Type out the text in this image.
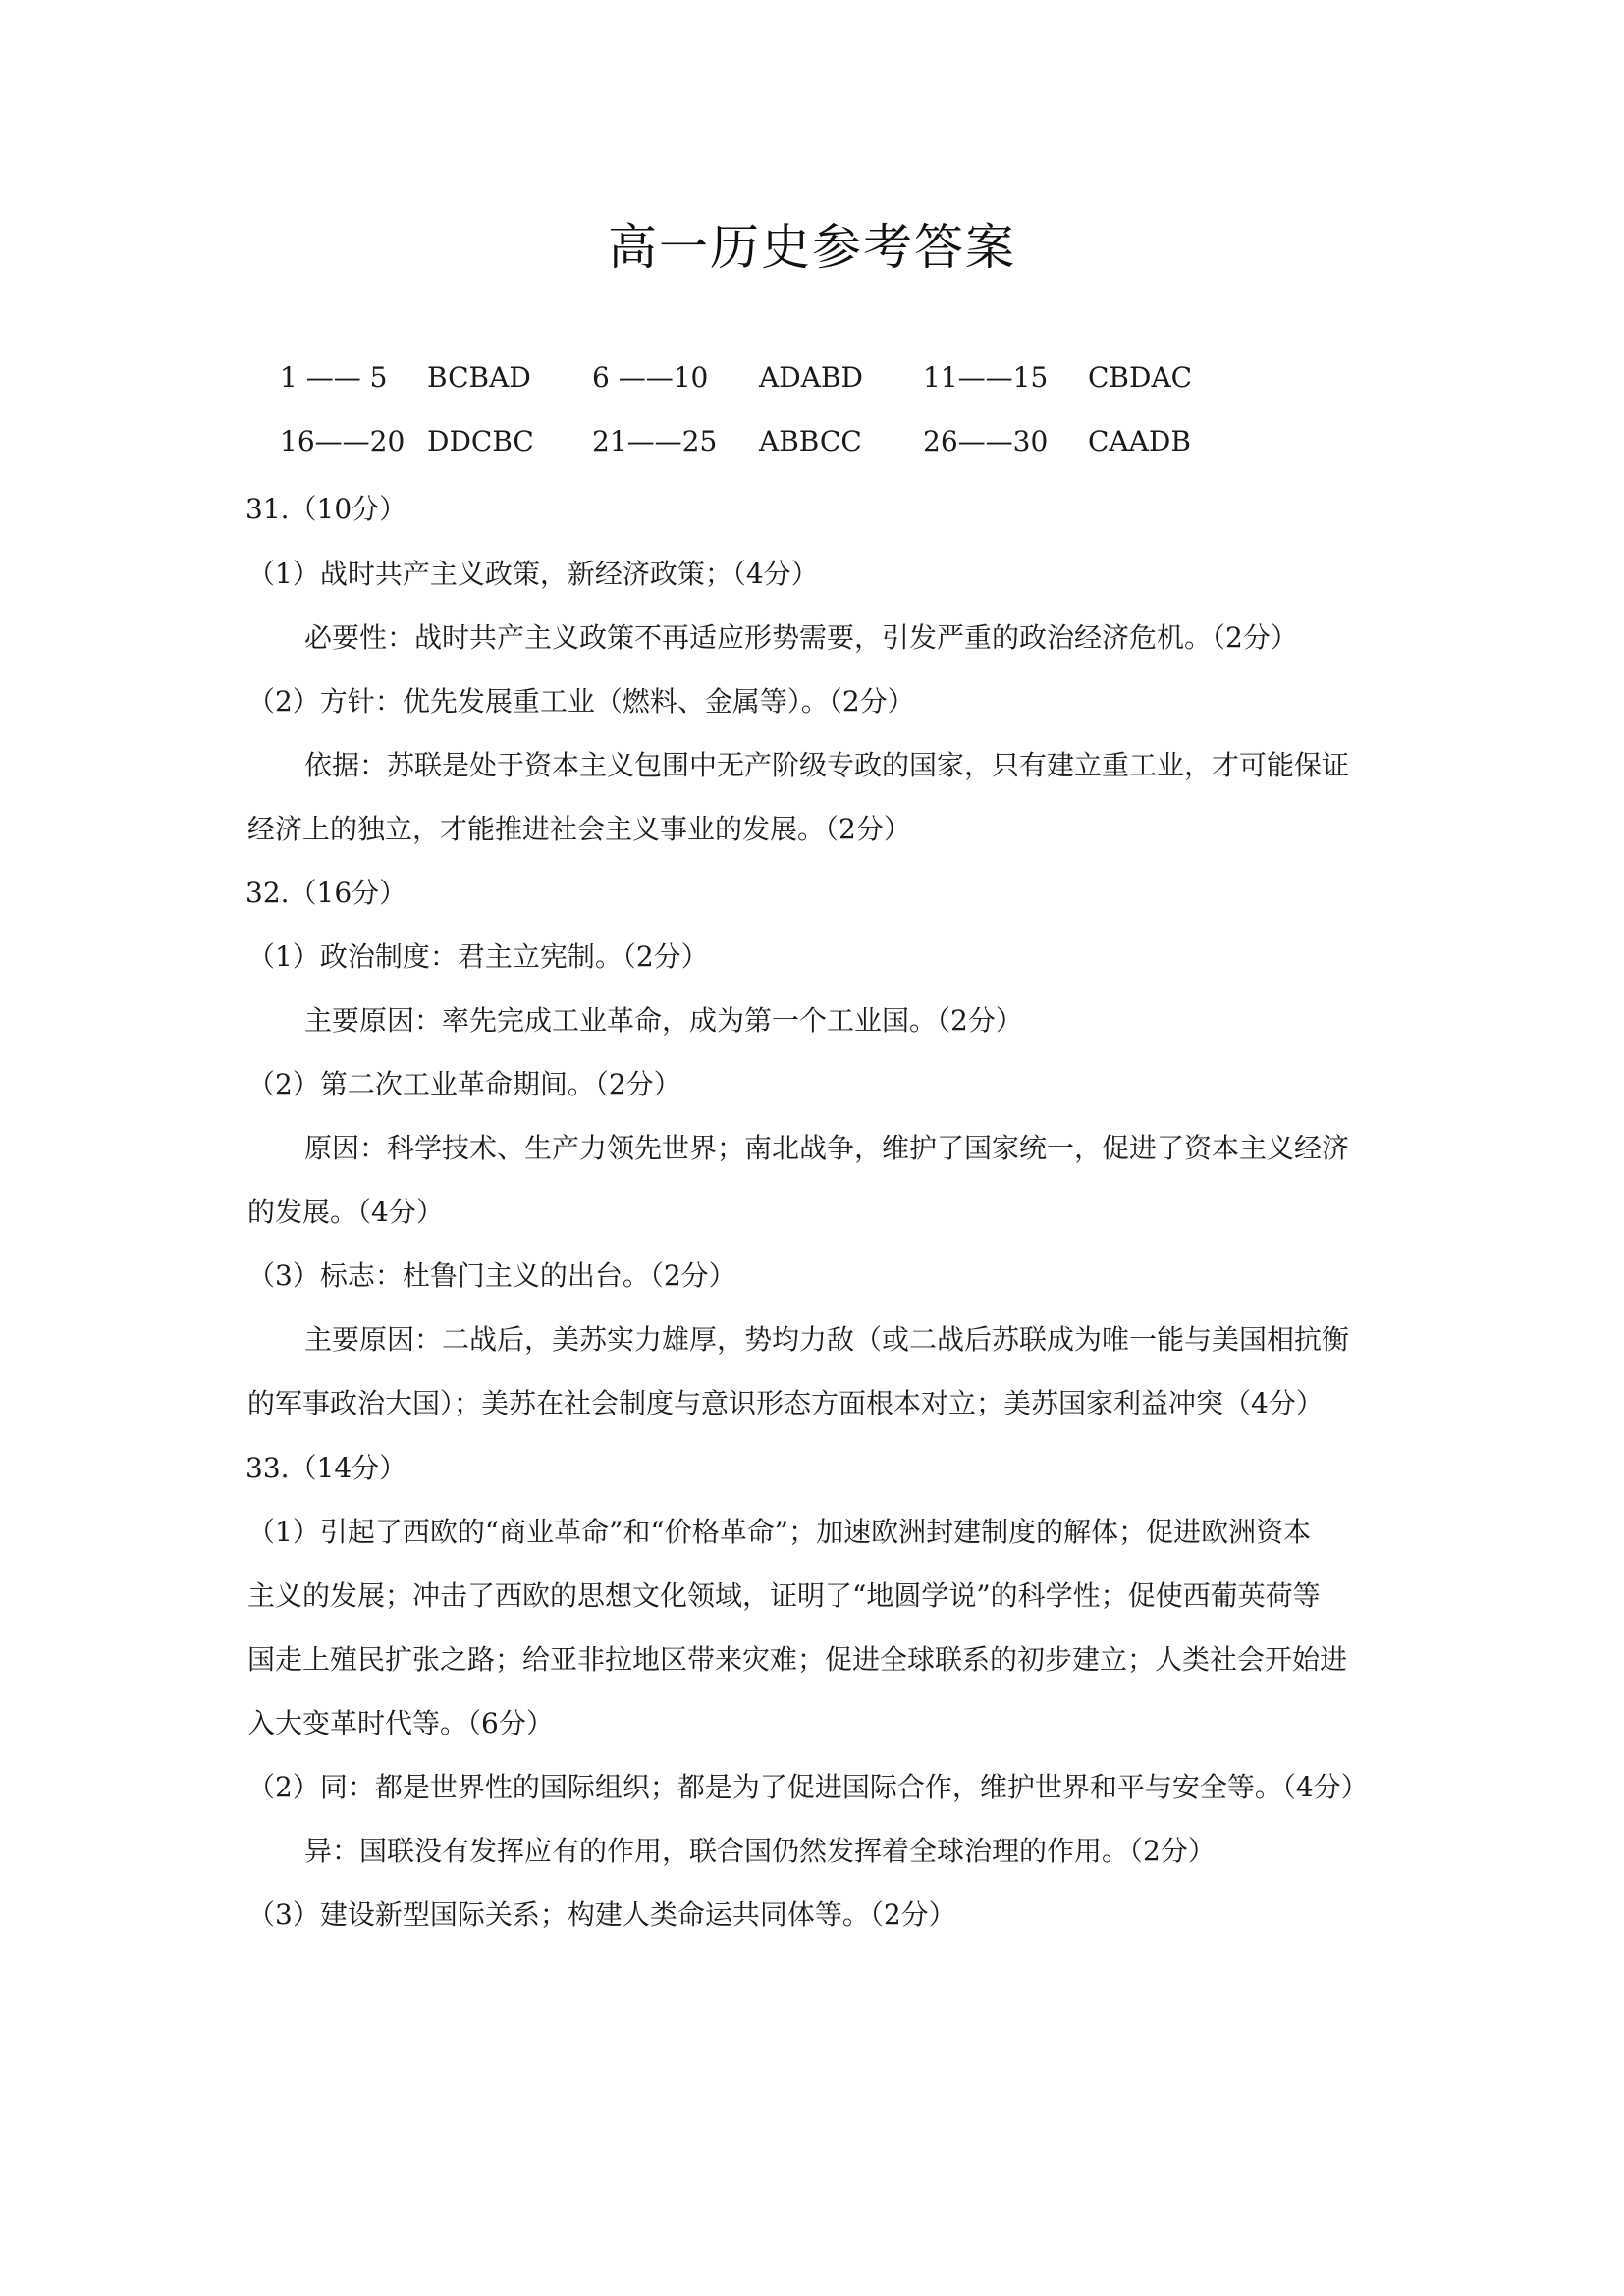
高一历史参考答案
1 —— 5 BCBAD 6 ——10 ADABD 11——15 CBDAC
16——20 DDCBC 21——25 ABBCC 26——30 CAADB
31.（10分）
（1）战时共产主义政策，新经济政策；（4分）
必要性：战时共产主义政策不再适应形势需要，引发严重的政治经济危机。（2分）
（2）方针：优先发展重工业（燃料、金属等）。（2分）
依据：苏联是处于资本主义包围中无产阶级专政的国家，只有建立重工业，才可能保证
经济上的独立，才能推进社会主义事业的发展。（2分）
32.（16分）
（1）政治制度：君主立宪制。（2分）
主要原因：率先完成工业革命，成为第一个工业国。（2分）
（2）第二次工业革命期间。（2分）
原因：科学技术、生产力领先世界；南北战争，维护了国家统一，促进了资本主义经济
的发展。（4分）
（3）标志：杜鲁门主义的出台。（2分）
主要原因：二战后，美苏实力雄厚，势均力敌（或二战后苏联成为唯一能与美国相抗衡
的军事政治大国）；美苏在社会制度与意识形态方面根本对立；美苏国家利益冲突（4分）
33.（14分）
（1）引起了西欧的“商业革命”和“价格革命”；加速欧洲封建制度的解体；促进欧洲资本
主义的发展；冲击了西欧的思想文化领域，证明了“地圆学说”的科学性；促使西葡英荷等
国走上殖民扩张之路；给亚非拉地区带来灾难；促进全球联系的初步建立；人类社会开始进
入大变革时代等。（6分）
（2）同：都是世界性的国际组织；都是为了促进国际合作，维护世界和平与安全等。（4分）
异：国联没有发挥应有的作用，联合国仍然发挥着全球治理的作用。（2分）
（3）建设新型国际关系；构建人类命运共同体等。（2分）
